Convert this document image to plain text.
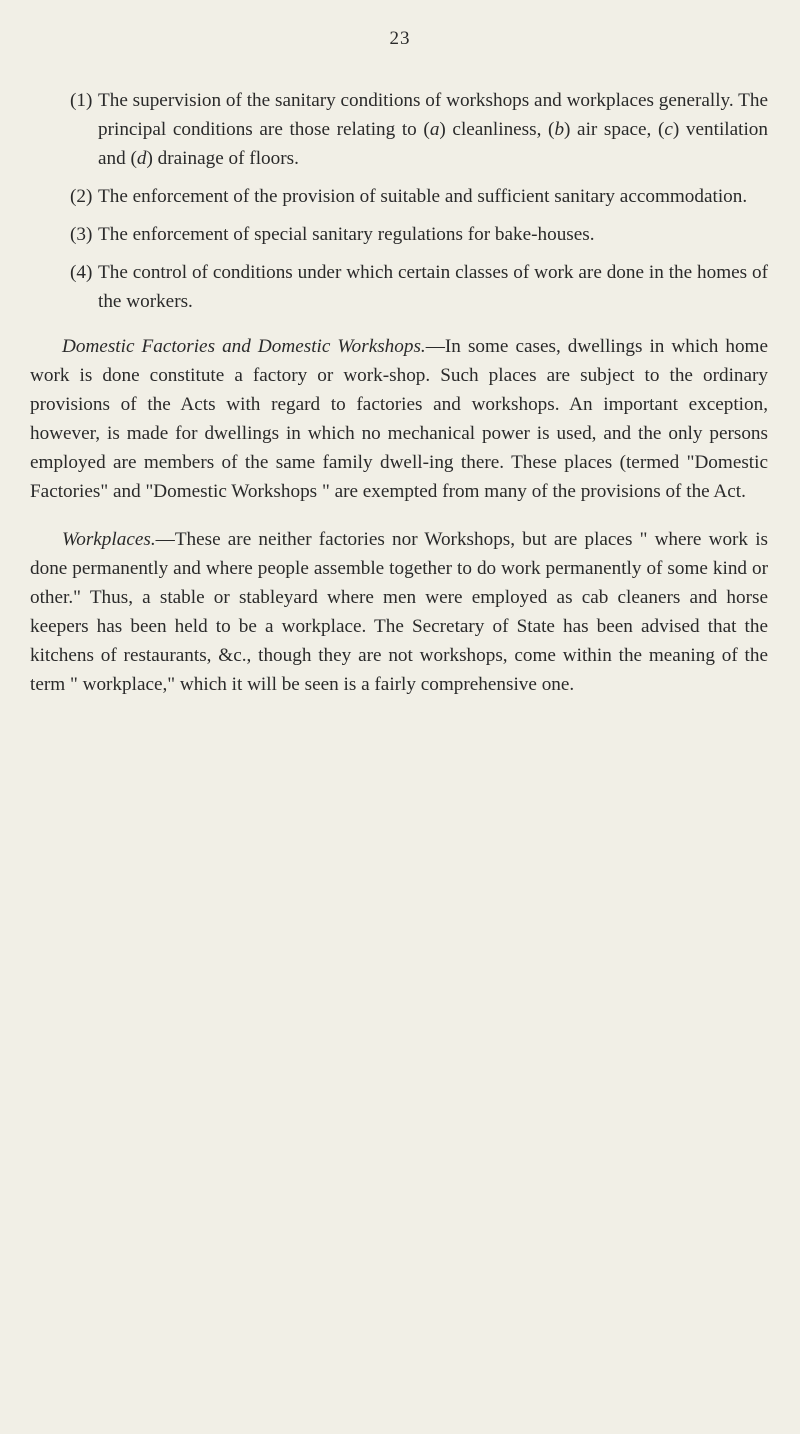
23
(1) The supervision of the sanitary conditions of workshops and workplaces generally. The principal conditions are those relating to (a) cleanliness, (b) air space, (c) ventilation and (d) drainage of floors.
(2) The enforcement of the provision of suitable and sufficient sanitary accommodation.
(3) The enforcement of special sanitary regulations for bake-houses.
(4) The control of conditions under which certain classes of work are done in the homes of the workers.

Domestic Factories and Domestic Workshops.—In some cases, dwellings in which home work is done constitute a factory or work-shop. Such places are subject to the ordinary provisions of the Acts with regard to factories and workshops. An important exception, however, is made for dwellings in which no mechanical power is used, and the only persons employed are members of the same family dwell-ing there. These places (termed "Domestic Factories" and "Domestic Workshops " are exempted from many of the provisions of the Act.

Workplaces.—These are neither factories nor Workshops, but are places " where work is done permanently and where people assemble together to do work permanently of some kind or other." Thus, a stable or stableyard where men were employed as cab cleaners and horse keepers has been held to be a workplace. The Secretary of State has been advised that the kitchens of restaurants, &c., though they are not workshops, come within the meaning of the term " workplace," which it will be seen is a fairly comprehensive one.
